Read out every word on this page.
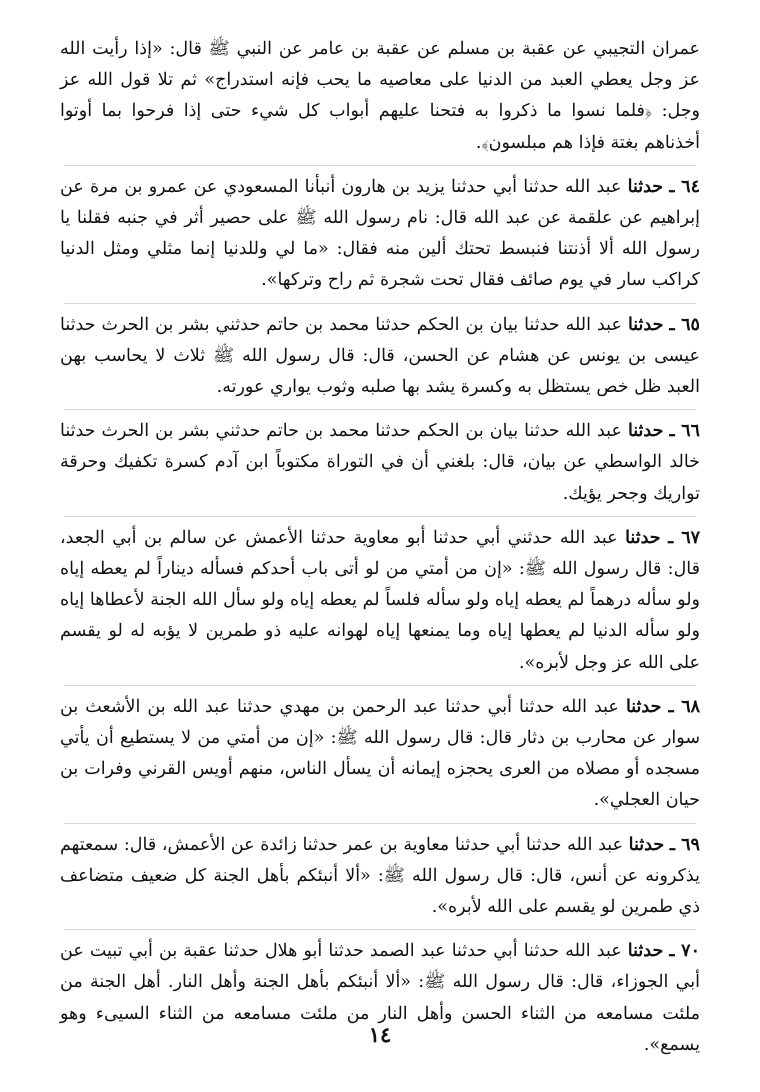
عمران التجيبي عن عقبة بن مسلم عن عقبة بن عامر عن النبي ﷺ قال: «إذا رأيت الله عز وجل يعطي العبد من الدنيا على معاصيه ما يحب فإنه استدراج» ثم تلا قول الله عز وجل: ﴿فلما نسوا ما ذكروا به فتحنا عليهم أبواب كل شيء حتى إذا فرحوا بما أوتوا أخذناهم بغتة فإذا هم مبلسون﴾.

٦٤ ـ حدثنا عبد الله حدثنا أبي حدثنا يزيد بن هارون أنبأنا المسعودي عن عمرو بن مرة عن إبراهيم عن علقمة عن عبد الله قال: نام رسول الله ﷺ على حصير أثر في جنبه فقلنا يا رسول الله ألا أذنتنا فنبسط تحتك ألين منه فقال: «ما لي وللدنيا إنما مثلي ومثل الدنيا كراكب سار في يوم صائف فقال تحت شجرة ثم راح وتركها».

٦٥ ـ حدثنا عبد الله حدثنا بيان بن الحكم حدثنا محمد بن حاتم حدثني بشر بن الحرث حدثنا عيسى بن يونس عن هشام عن الحسن، قال: قال رسول الله ﷺ ثلاث لا يحاسب بهن العبد ظل خص يستظل به وكسرة يشد بها صلبه وثوب يواري عورته.

٦٦ ـ حدثنا عبد الله حدثنا بيان بن الحكم حدثنا محمد بن حاتم حدثني بشر بن الحرث حدثنا خالد الواسطي عن بيان، قال: بلغني أن في التوراة مكتوباً ابن آدم كسرة تكفيك وحرقة تواريك وجحر يؤيك.

٦٧ ـ حدثنا عبد الله حدثني أبي حدثنا أبو معاوية حدثنا الأعمش عن سالم بن أبي الجعد، قال: قال رسول الله ﷺ: «إن من أمتي من لو أتى باب أحدكم فسأله ديناراً لم يعطه إياه ولو سأله درهماً لم يعطه إياه ولو سأله فلساً لم يعطه إياه ولو سأل الله الجنة لأعطاها إياه ولو سأله الدنيا لم يعطها إياه وما يمنعها إياه لهوانه عليه ذو طمرين لا يؤبه له لو يقسم على الله عز وجل لأبره».

٦٨ ـ حدثنا عبد الله حدثنا أبي حدثنا عبد الرحمن بن مهدي حدثنا عبد الله بن الأشعث بن سوار عن محارب بن دثار قال: قال رسول الله ﷺ: «إن من أمتي من لا يستطيع أن يأتي مسجده أو مصلاه من العرى يحجزه إيمانه أن يسأل الناس، منهم أويس القرني وفرات بن حيان العجلي».

٦٩ ـ حدثنا عبد الله حدثنا أبي حدثنا معاوية بن عمر حدثنا زائدة عن الأعمش، قال: سمعتهم يذكرونه عن أنس، قال: قال رسول الله ﷺ: «ألا أنبئكم بأهل الجنة كل ضعيف متضاعف ذي طمرين لو يقسم على الله لأبره».

٧٠ ـ حدثنا عبد الله حدثنا أبي حدثنا عبد الصمد حدثنا أبو هلال حدثنا عقبة بن أبي تبيت عن أبي الجوزاء، قال: قال رسول الله ﷺ: «ألا أنبئكم بأهل الجنة وأهل النار. أهل الجنة من ملئت مسامعه من الثناء الحسن وأهل النار من ملئت مسامعه من الثناء السيىء وهو يسمع».

١٤
